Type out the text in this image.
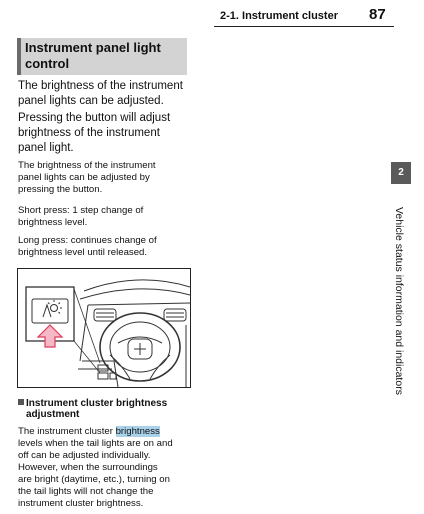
2-1. Instrument cluster 87
Instrument panel light
control
The brightness of the instrument
panel lights can be adjusted.
Pressing the button will adjust
brightness of the instrument
panel light.
The brightness of the instrument
panel lights can be adjusted by
pressing the button.
Short press: 1 step change of
brightness level.
Long press: continues change of
brightness level until released.
Instrument cluster brightness
adjustment
The instrument cluster brightness
levels when the tail lights are on and
off can be adjusted individually.
However, when the surroundings
are bright (daytime, etc.), turning on
the tail lights will not change the
instrument cluster brightness.
2
Vehicle status information and indicators
